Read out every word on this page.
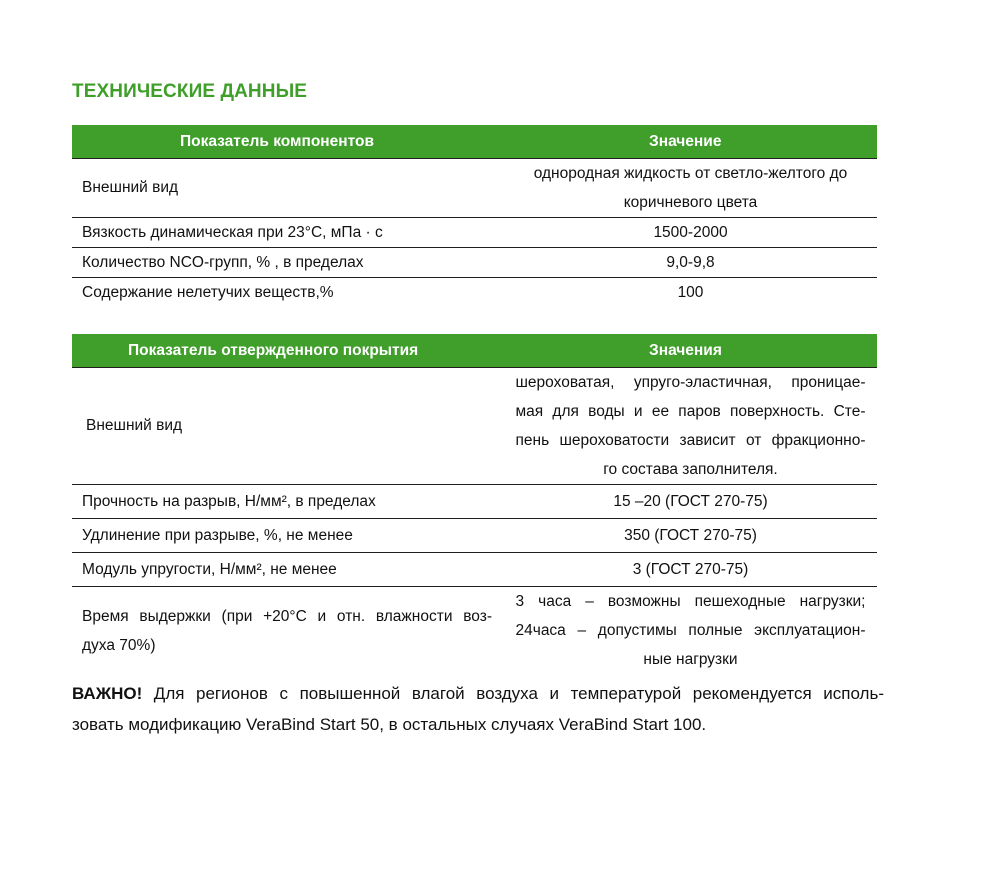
ТЕХНИЧЕСКИЕ ДАННЫЕ
Показатель компонентов	Значение
Внешний вид	однородная жидкость от светло-желтого до
коричневого цвета

Вязкость динамическая при 23°С, мПа · с	1500-2000
Количество NCO-групп, % , в пределах	9,0-9,8
Содержание нелетучих веществ,%	100
Показатель отвержденного покрытия	Значения
Внешний вид	шероховатая, упруго-эластичная, проницае-
мая для воды и ее паров поверхность. Сте-
пень шероховатости зависит от фракционно-
го состава заполнителя.

Прочность на разрыв, Н/мм², в пределах	15 –20 (ГОСТ 270-75)
Удлинение при разрыве, %, не менее	350 (ГОСТ 270-75)
Модуль упругости, Н/мм², не менее	3 (ГОСТ 270-75)

Время выдержки (при +20°С и отн. влажности воз-
духа 70%)	3 часа – возможны пешеходные нагрузки;
24часа – допустимы полные эксплуатацион-
ные нагрузки
ВАЖНО! Для регионов с повышенной влагой воздуха и температурой рекомендуется исполь-
зовать модификацию VeraBind Start 50, в остальных случаях VeraBind Start 100.
